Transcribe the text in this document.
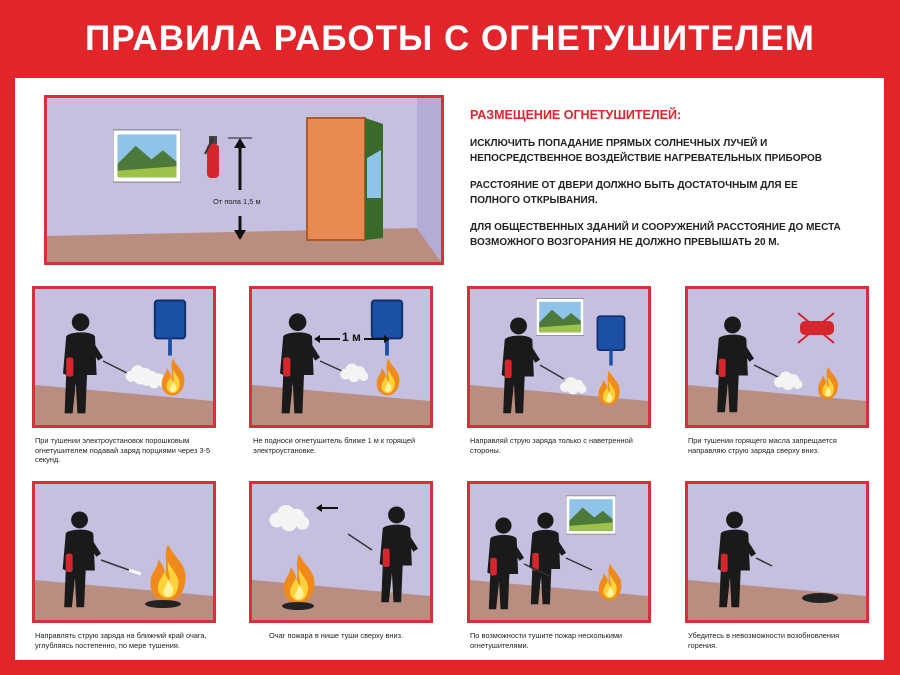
ПРАВИЛА РАБОТЫ С ОГНЕТУШИТЕЛЕМ
От пола 1,5 м
РАЗМЕЩЕНИЕ ОГНЕТУШИТЕЛЕЙ:
ИСКЛЮЧИТЬ ПОПАДАНИЕ ПРЯМЫХ СОЛНЕЧНЫХ ЛУЧЕЙ И НЕПОСРЕДСТВЕННОЕ ВОЗДЕЙСТВИЕ НАГРЕВАТЕЛЬНЫХ ПРИБОРОВ
РАССТОЯНИЕ ОТ ДВЕРИ ДОЛЖНО БЫТЬ ДОСТАТОЧНЫМ ДЛЯ ЕЕ ПОЛНОГО ОТКРЫВАНИЯ.
ДЛЯ ОБЩЕСТВЕННЫХ ЗДАНИЙ И СООРУЖЕНИЙ РАССТОЯНИЕ ДО МЕСТА ВОЗМОЖНОГО ВОЗГОРАНИЯ НЕ ДОЛЖНО ПРЕВЫШАТЬ 20 М.
При тушении электроустановок порошковым огнетушителем подавай заряд порциями через 3-5 секунд.
1 м
Не подноси огнетушитель ближе 1 м к горящей электроустановке.
Направляй струю заряда только с наветренной стороны.
При тушении горящего масла запрещается направляю струю заряда сверху вниз.
Направлять струю заряда на ближний край очага, углубляясь постепенно, по мере тушения.
Очаг пожара в нише туши сверху вниз.	По возможности тушите пожар несколькими огнетушителями.
Убедитесь в невозможности возобновления горения.
